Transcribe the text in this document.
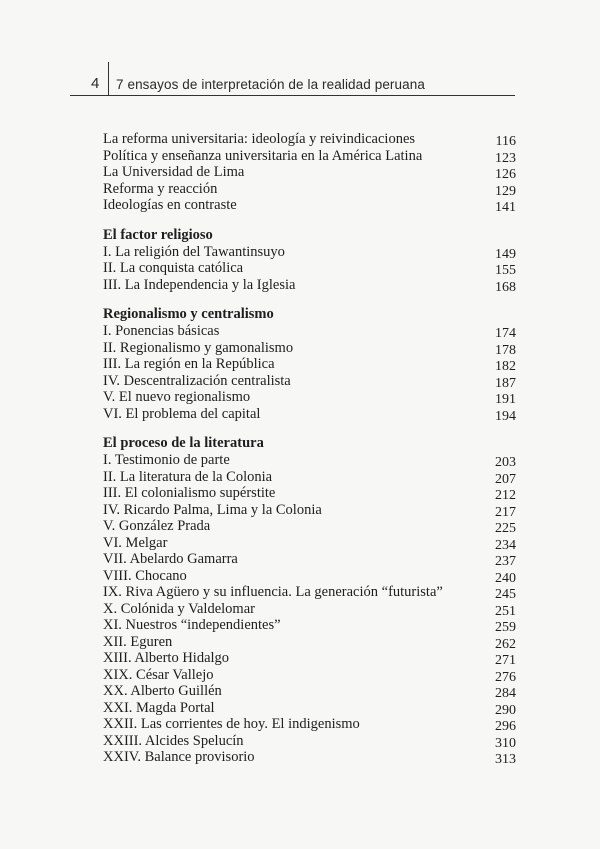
4 7 ensayos de interpretación de la realidad peruana
La reforma universitaria: ideología y reivindicaciones	116
Política y enseñanza universitaria en la América Latina	123
La Universidad de Lima	126
Reforma y reacción	129
Ideologías en contraste	141
El factor religioso
I. La religión del Tawantinsuyo	149
II. La conquista católica	155
III. La Independencia y la Iglesia	168
Regionalismo y centralismo
I. Ponencias básicas	174
II. Regionalismo y gamonalismo	178
III. La región en la República	182
IV. Descentralización centralista	187
V. El nuevo regionalismo	191
VI. El problema del capital	194
El proceso de la literatura
I. Testimonio de parte	203
II. La literatura de la Colonia	207
III. El colonialismo supérstite	212
IV. Ricardo Palma, Lima y la Colonia	217
V. González Prada	225
VI. Melgar	234
VII. Abelardo Gamarra	237
VIII. Chocano	240
IX. Riva Agüero y su influencia. La generación “futurista”	245
X. Colónida y Valdelomar	251
XI. Nuestros “independientes”	259
XII. Eguren	262
XIII. Alberto Hidalgo	271
XIX. César Vallejo	276
XX. Alberto Guillén	284
XXI. Magda Portal	290
XXII. Las corrientes de hoy. El indigenismo	296
XXIII. Alcides Spelucín	310
XXIV. Balance provisorio	313
